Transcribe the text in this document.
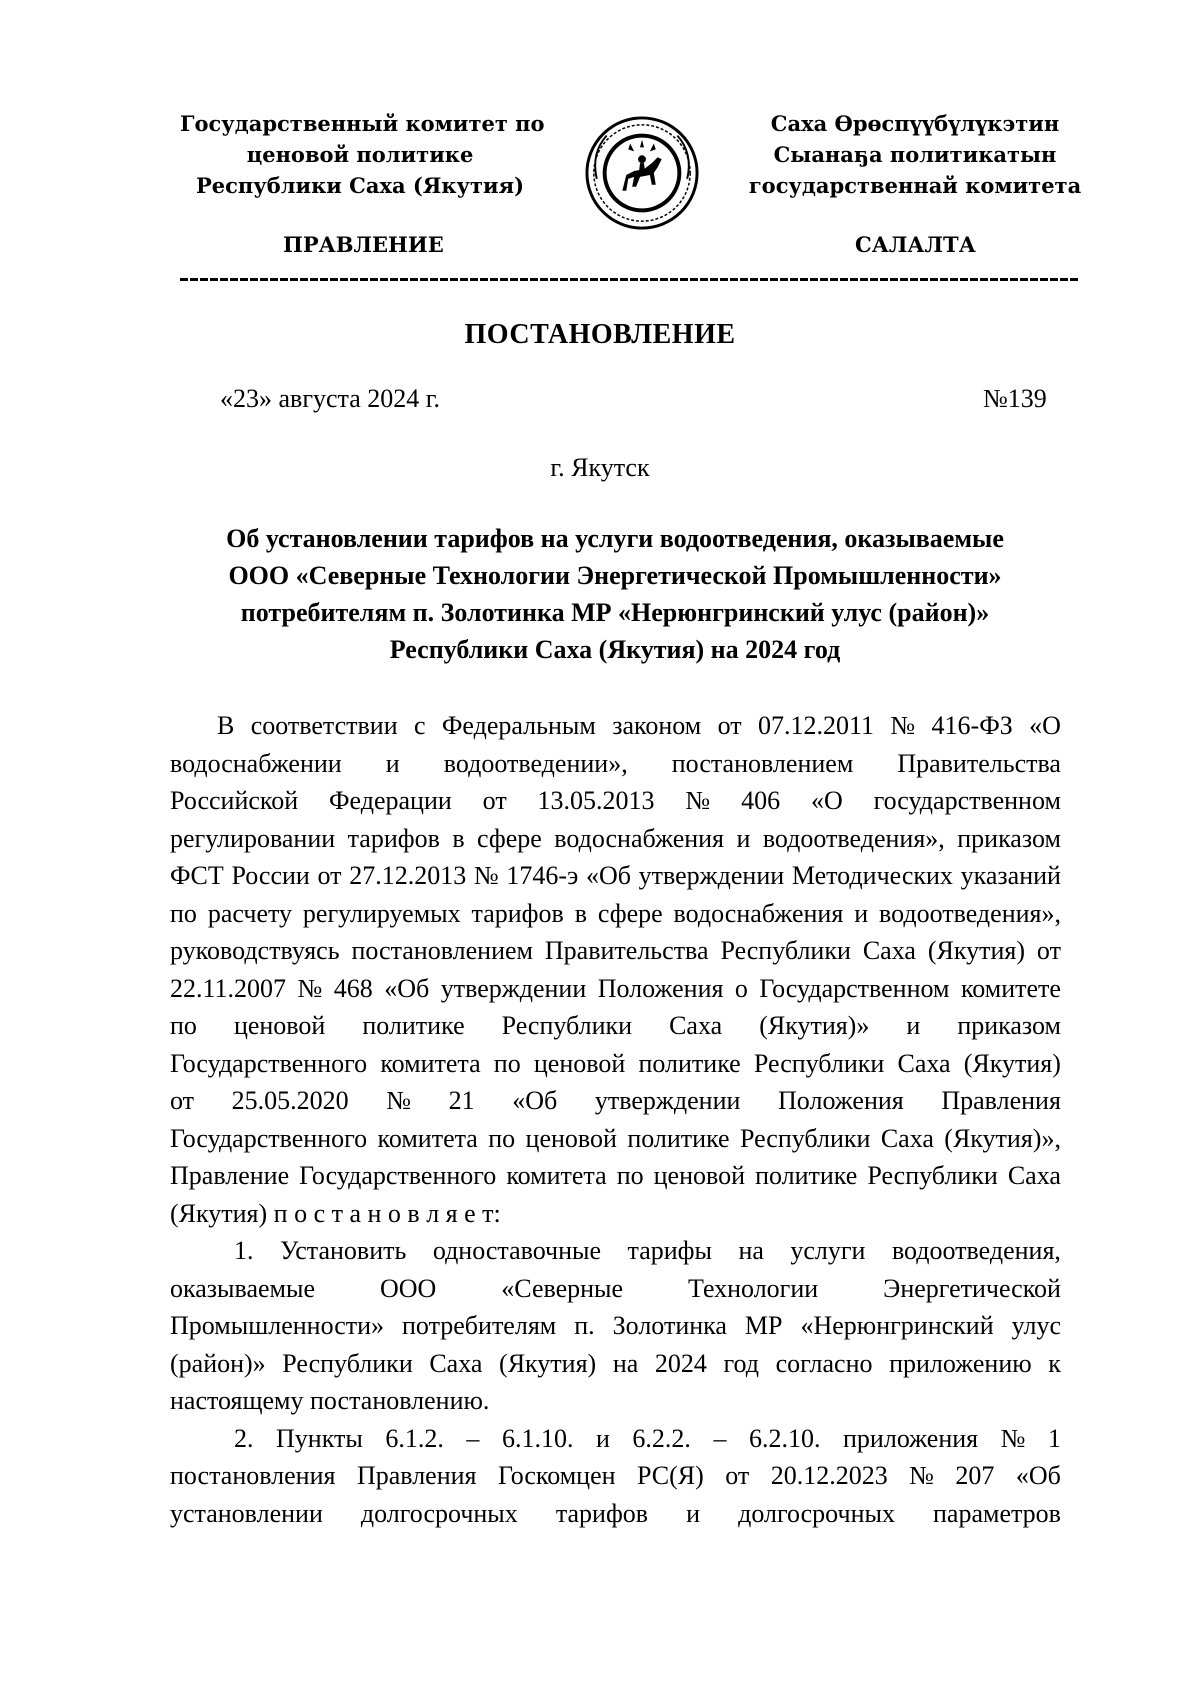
Государственный комитет по
ценовой политике
Республики Саха (Якутия)
Саха Өрөспүүбүлүкэтин
Сыанаҕа политикатын
государственнай комитета
ПРАВЛЕНИЕ	САЛАЛТА
ПОСТАНОВЛЕНИЕ
«23» августа 2024 г.	№139
г. Якутск
Об установлении тарифов на услуги водоотведения, оказываемые
ООО «Северные Технологии Энергетической Промышленности»
потребителям п. Золотинка МР «Нерюнгринский улус (район)»
Республики Саха (Якутия) на 2024 год
В соответствии с Федеральным законом от 07.12.2011 № 416-ФЗ «О
водоснабжении и водоотведении», постановлением Правительства
Российской Федерации от 13.05.2013 № 406 «О государственном
регулировании тарифов в сфере водоснабжения и водоотведения», приказом
ФСТ России от 27.12.2013 № 1746-э «Об утверждении Методических указаний
по расчету регулируемых тарифов в сфере водоснабжения и водоотведения»,
руководствуясь постановлением Правительства Республики Саха (Якутия) от
22.11.2007 № 468 «Об утверждении Положения о Государственном комитете
по ценовой политике Республики Саха (Якутия)» и приказом
Государственного комитета по ценовой политике Республики Саха (Якутия)
от 25.05.2020 № 21 «Об утверждении Положения Правления
Государственного комитета по ценовой политике Республики Саха (Якутия)»,
Правление Государственного комитета по ценовой политике Республики Саха
(Якутия) п о с т а н о в л я е т:
1. Установить одноставочные тарифы на услуги водоотведения,
оказываемые ООО «Северные Технологии Энергетической
Промышленности» потребителям п. Золотинка МР «Нерюнгринский улус
(район)» Республики Саха (Якутия) на 2024 год согласно приложению к
настоящему постановлению.
2. Пункты 6.1.2. – 6.1.10. и 6.2.2. – 6.2.10. приложения № 1
постановления Правления Госкомцен РС(Я) от 20.12.2023 № 207 «Об
установлении долгосрочных тарифов и долгосрочных параметров
